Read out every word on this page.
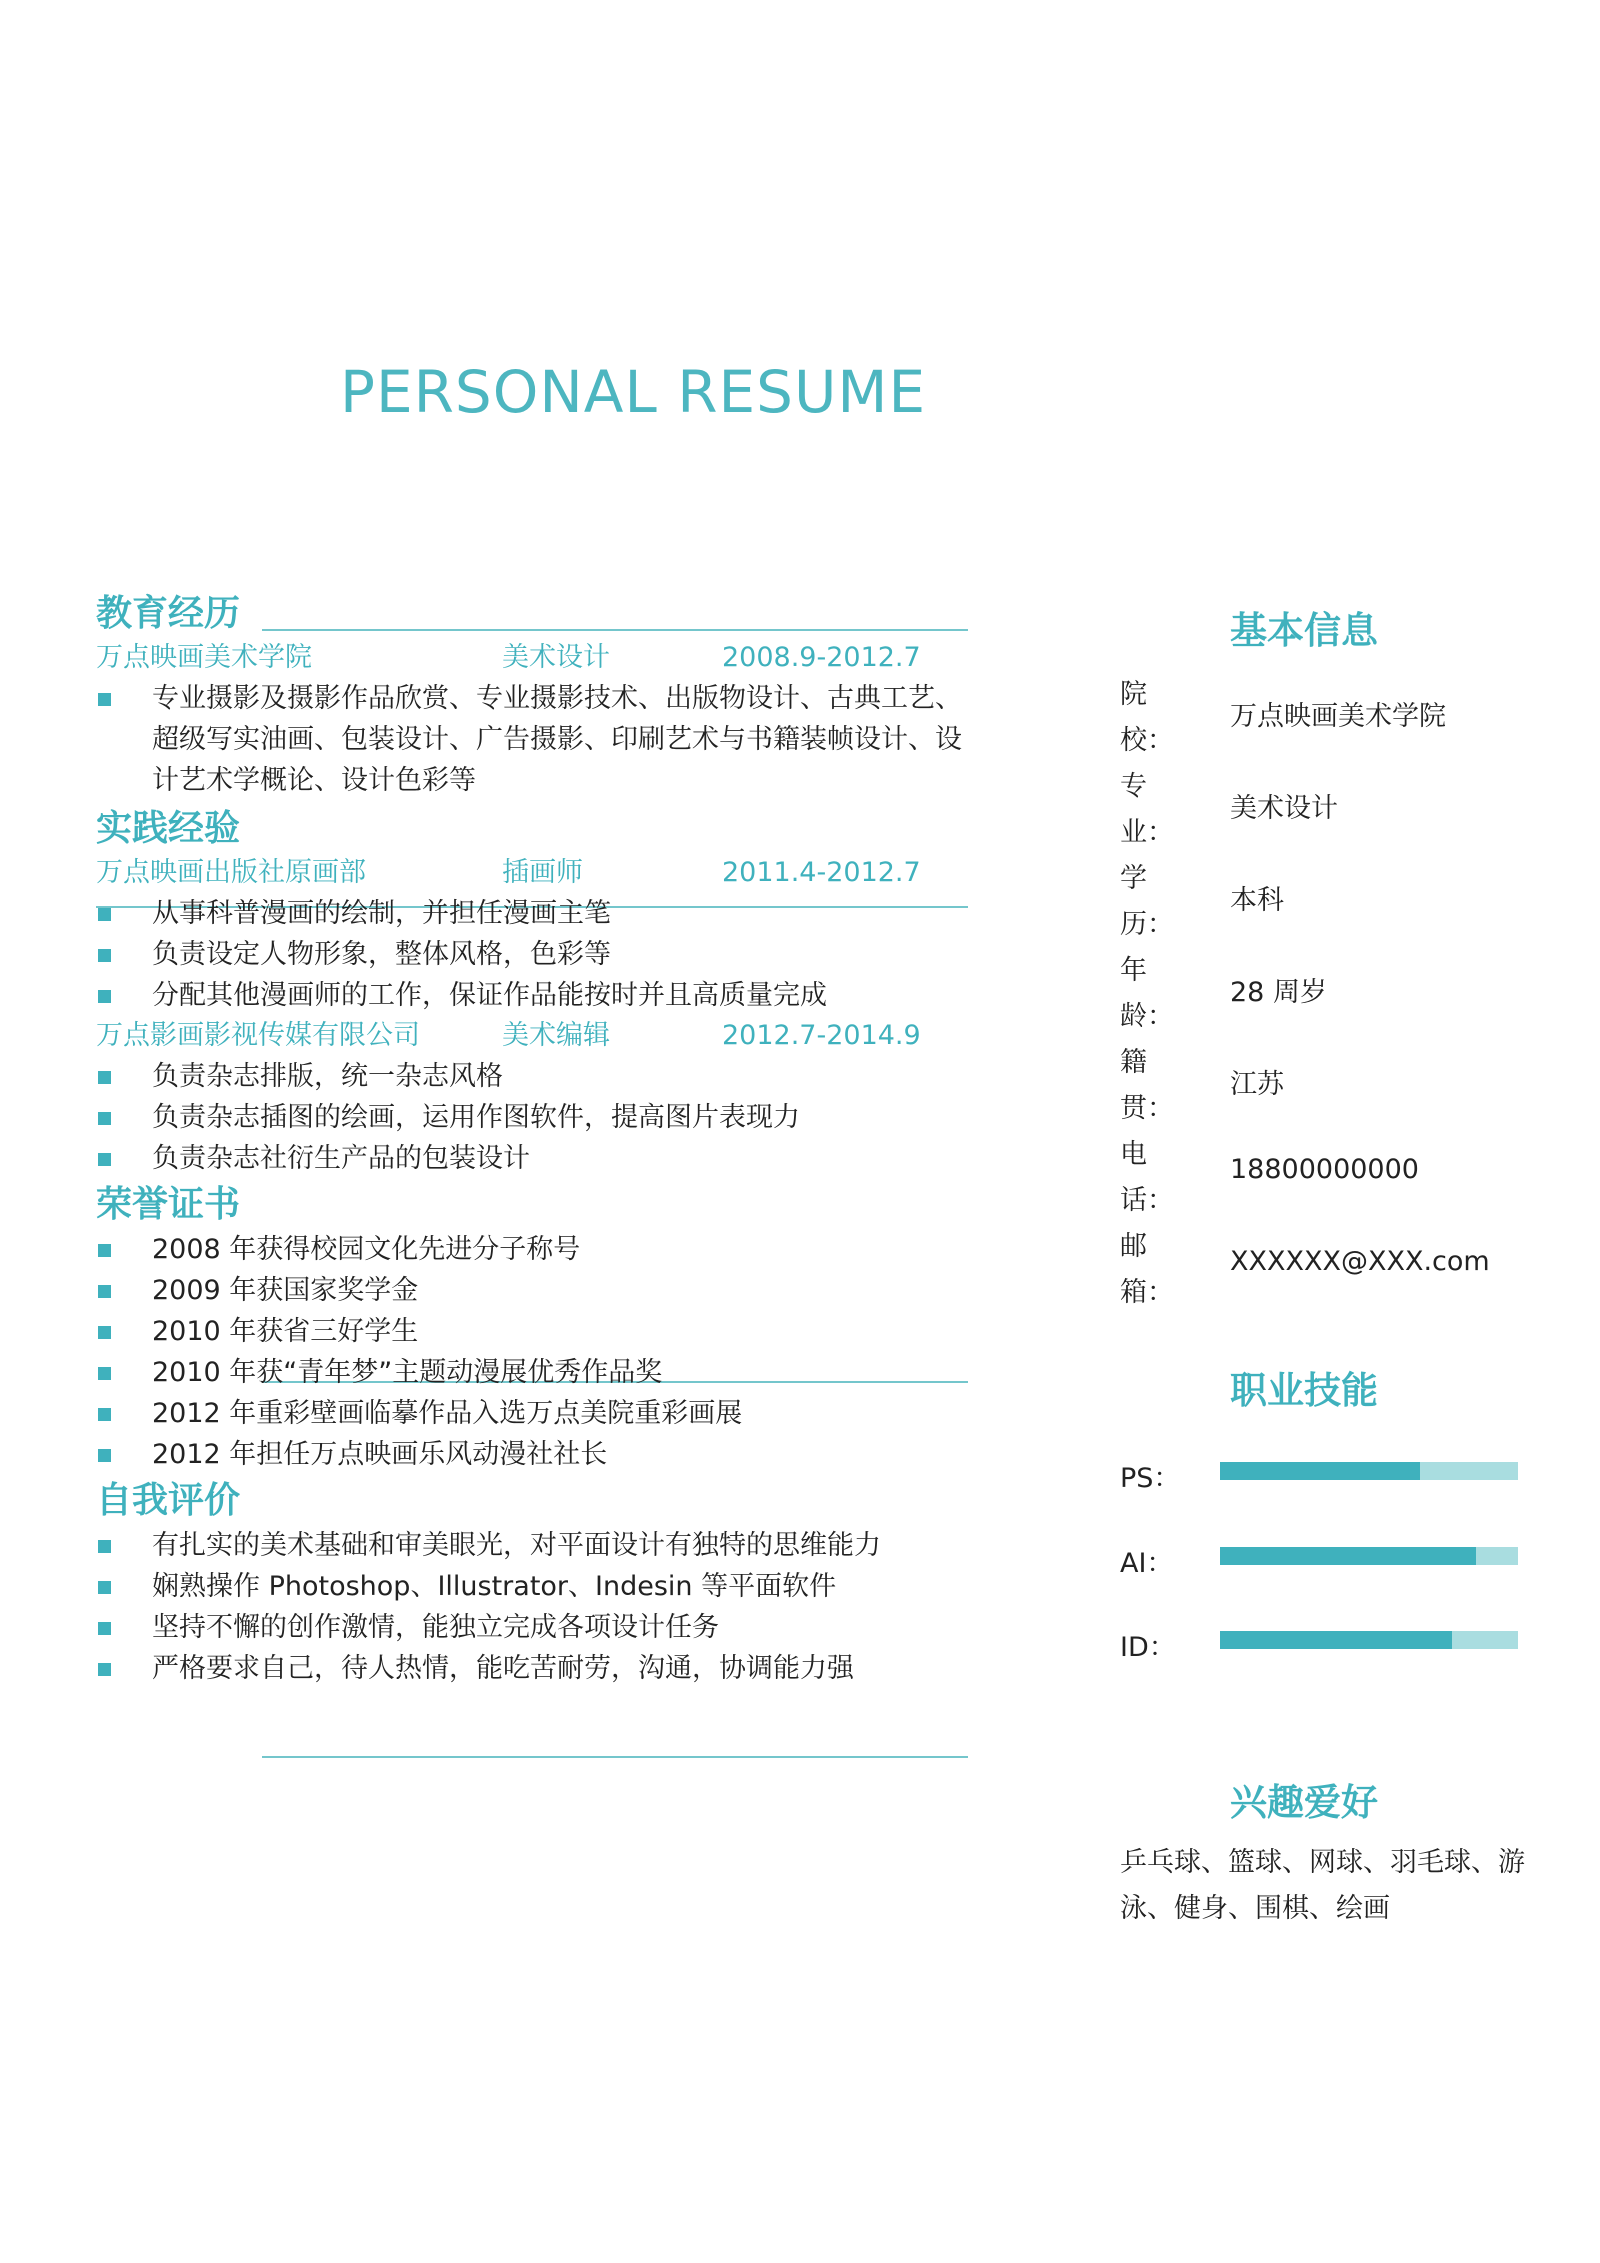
PERSONAL RESUME
教育经历
万点映画美术学院	美术设计	2008.9-2012.7
专业摄影及摄影作品欣赏、专业摄影技术、出版物设计、古典工艺、超级写实油画、包装设计、广告摄影、印刷艺术与书籍装帧设计、设计艺术学概论、设计色彩等
实践经验
万点映画出版社原画部	插画师	2011.4-2012.7
从事科普漫画的绘制，并担任漫画主笔
负责设定人物形象，整体风格，色彩等
分配其他漫画师的工作，保证作品能按时并且高质量完成
万点影画影视传媒有限公司	美术编辑	2012.7-2014.9
负责杂志排版，统一杂志风格
负责杂志插图的绘画，运用作图软件，提高图片表现力
负责杂志社衍生产品的包装设计
荣誉证书
2008 年获得校园文化先进分子称号
2009 年获国家奖学金
2010 年获省三好学生
2010 年获“青年梦”主题动漫展优秀作品奖
2012 年重彩壁画临摹作品入选万点美院重彩画展
2012 年担任万点映画乐风动漫社社长
自我评价
有扎实的美术基础和审美眼光，对平面设计有独特的思维能力
娴熟操作 Photoshop、Illustrator、Indesin 等平面软件
坚持不懈的创作激情，能独立完成各项设计任务
严格要求自己，待人热情，能吃苦耐劳，沟通，协调能力强
基本信息
院校：
万点映画美术学院
专业：
美术设计
学历：
本科
年龄：
28 周岁
籍贯：
江苏
电话：
18800000000
邮箱：
XXXXXX@XXX.com
职业技能
PS：
AI：
ID：
兴趣爱好
乒乓球、篮球、网球、羽毛球、游泳、健身、围棋、绘画
